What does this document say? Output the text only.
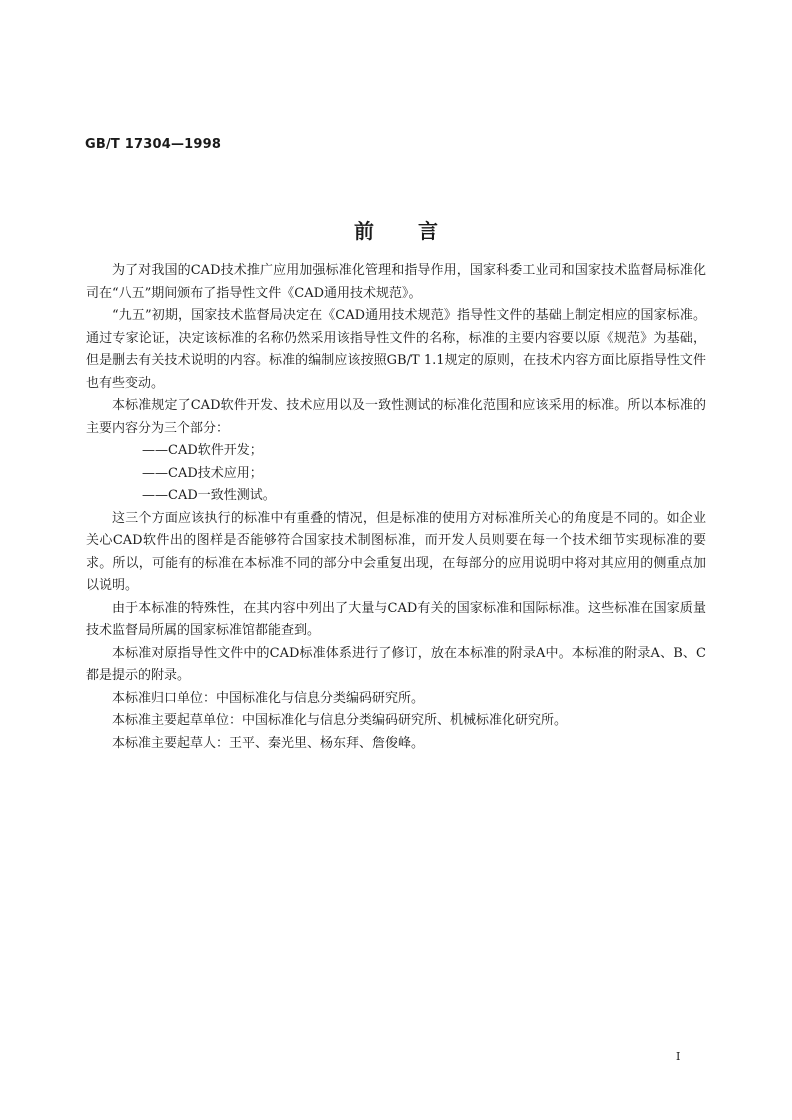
GB/T 17304—1998
前言

为了对我国的CAD技术推广应用加强标准化管理和指导作用，国家科委工业司和国家技术监督局标准化司在“八五”期间颁布了指导性文件《CAD通用技术规范》。

“九五”初期，国家技术监督局决定在《CAD通用技术规范》指导性文件的基础上制定相应的国家标准。通过专家论证，决定该标准的名称仍然采用该指导性文件的名称，标准的主要内容要以原《规范》为基础，但是删去有关技术说明的内容。标准的编制应该按照GB/T 1.1规定的原则，在技术内容方面比原指导性文件也有些变动。

本标准规定了CAD软件开发、技术应用以及一致性测试的标准化范围和应该采用的标准。所以本标准的主要内容分为三个部分：

——CAD软件开发；

——CAD技术应用；

——CAD一致性测试。

这三个方面应该执行的标准中有重叠的情况，但是标准的使用方对标准所关心的角度是不同的。如企业关心CAD软件出的图样是否能够符合国家技术制图标准，而开发人员则要在每一个技术细节实现标准的要求。所以，可能有的标准在本标准不同的部分中会重复出现，在每部分的应用说明中将对其应用的侧重点加以说明。

由于本标准的特殊性，在其内容中列出了大量与CAD有关的国家标准和国际标准。这些标准在国家质量技术监督局所属的国家标准馆都能查到。

本标准对原指导性文件中的CAD标准体系进行了修订，放在本标准的附录A中。本标准的附录A、B、C都是提示的附录。

本标准归口单位：中国标准化与信息分类编码研究所。

本标准主要起草单位：中国标准化与信息分类编码研究所、机械标准化研究所。

本标准主要起草人：王平、秦光里、杨东拜、詹俊峰。

I
